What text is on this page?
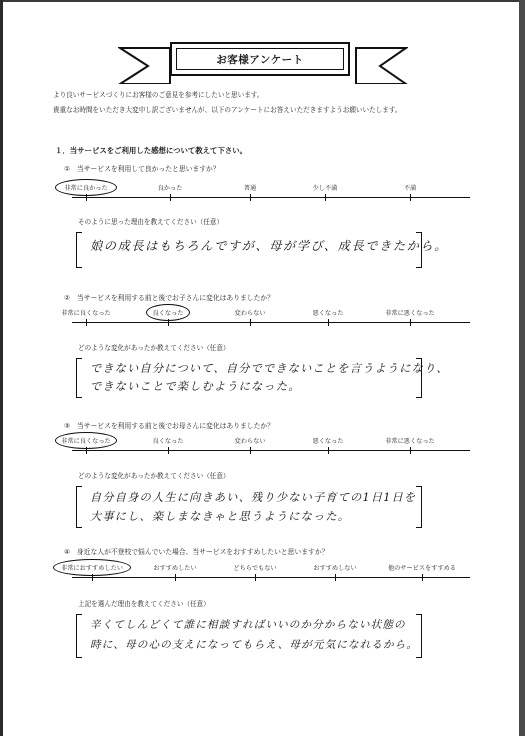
お客様アンケート
より良いサービスづくりにお客様のご意見を参考にしたいと思います。
貴重なお時間をいただき大変申し訳ございませんが、以下のアンケートにお答えいただきますようお願いいたします。
１．当サービスをご利用した感想について教えて下さい。
①　当サービスを利用して良かったと思いますか？
非常に良かった	良かった	普通	少し不満	不満
そのように思った理由を教えてください（任意）
娘の成長はもちろんですが、母が学び、成長できたから。
②　当サービスを利用する前と後でお子さんに変化はありましたか？
非常に良くなった	良くなった	変わらない	悪くなった	非常に悪くなった
どのような変化があったか教えてください（任意）
できない自分について、自分でできないことを言うようになり、
できないことで楽しむようになった。
③　当サービスを利用する前と後でお母さんに変化はありましたか？
非常に良くなった	良くなった	変わらない	悪くなった	非常に悪くなった
どのような変化があったか教えてください（任意）
自分自身の人生に向きあい、残り少ない子育ての1日1日を
大事にし、楽しまなきゃと思うようになった。
④　身近な人が不登校で悩んでいた場合、当サービスをおすすめしたいと思いますか？
非常におすすめしたい	おすすめしたい	どちらでもない	おすすめしない	他のサービスをすすめる
上記を選んだ理由を教えてください（任意）
辛くてしんどくて誰に相談すればいいのか分からない状態の
時に、母の心の支えになってもらえ、母が元気になれるから。
